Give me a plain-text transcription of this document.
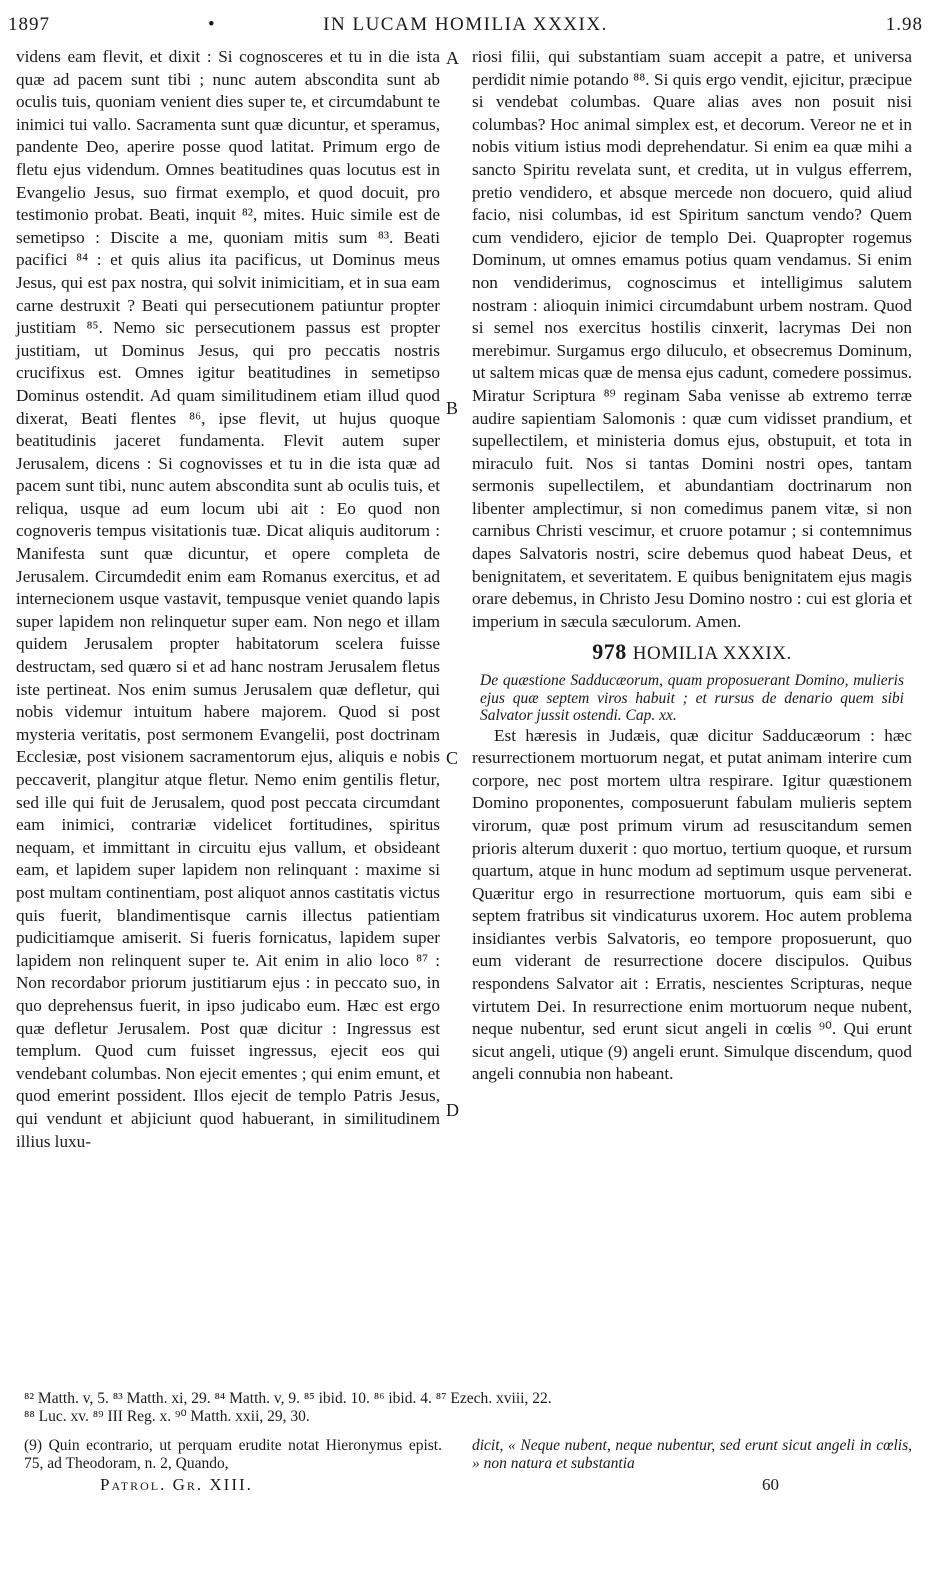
1897	•	IN LUCAM HOMILIA XXXIX.	1.98

videns eam flevit, et dixit : Si cognosceres et tu in die ista quæ ad pacem sunt tibi ; nunc autem abscondita sunt ab oculis tuis, quoniam venient dies super te, et circumdabunt te inimici tui vallo. Sacramenta sunt quæ dicuntur, et speramus, pandente Deo, aperire posse quod latitat. Primum ergo de fletu ejus videndum. Omnes beatitudines quas locutus est in Evangelio Jesus, suo firmat exemplo, et quod docuit, pro testimonio probat. Beati, inquit ⁸², mites. Huic simile est de semetipso : Discite a me, quoniam mitis sum ⁸³. Beati pacifici ⁸⁴ : et quis alius ita pacificus, ut Dominus meus Jesus, qui est pax nostra, qui solvit inimicitiam, et in sua eam carne destruxit ? Beati qui persecutionem patiuntur propter justitiam ⁸⁵. Nemo sic persecutionem passus est propter justitiam, ut Dominus Jesus, qui pro peccatis nostris crucifixus est. Omnes igitur beatitudines in semetipso Dominus ostendit. Ad quam similitudinem etiam illud quod dixerat, Beati flentes ⁸⁶, ipse flevit, ut hujus quoque beatitudinis jaceret fundamenta. Flevit autem super Jerusalem, dicens : Si cognovisses et tu in die ista quæ ad pacem sunt tibi, nunc autem abscondita sunt ab oculis tuis, et reliqua, usque ad eum locum ubi ait : Eo quod non cognoveris tempus visitationis tuæ. Dicat aliquis auditorum : Manifesta sunt quæ dicuntur, et opere completa de Jerusalem. Circumdedit enim eam Romanus exercitus, et ad internecionem usque vastavit, tempusque veniet quando lapis super lapidem non relinquetur super eam. Non nego et illam quidem Jerusalem propter habitatorum scelera fuisse destructam, sed quæro si et ad hanc nostram Jerusalem fletus iste pertineat. Nos enim sumus Jerusalem quæ defletur, qui nobis videmur intuitum habere majorem. Quod si post mysteria veritatis, post sermonem Evangelii, post doctrinam Ecclesiæ, post visionem sacramentorum ejus, aliquis e nobis peccaverit, plangitur atque fletur. Nemo enim gentilis fletur, sed ille qui fuit de Jerusalem, quod post peccata circumdant eam inimici, contrariæ videlicet fortitudines, spiritus nequam, et immittant in circuitu ejus vallum, et obsideant eam, et lapidem super lapidem non relinquant : maxime si post multam continentiam, post aliquot annos castitatis victus quis fuerit, blandimentisque carnis illectus patientiam pudicitiamque amiserit. Si fueris fornicatus, lapidem super lapidem non relinquent super te. Ait enim in alio loco ⁸⁷ : Non recordabor priorum justitiarum ejus : in peccato suo, in quo deprehensus fuerit, in ipso judicabo eum. Hæc est ergo quæ defletur Jerusalem. Post quæ dicitur : Ingressus est templum. Quod cum fuisset ingressus, ejecit eos qui vendebant columbas. Non ejecit ementes ; qui enim emunt, et quod emerint possident. Illos ejecit de templo Patris Jesus, qui vendunt et abjiciunt quod habuerant, in similitudinem illius luxu-

A
B
C
D

riosi filii, qui substantiam suam accepit a patre, et universa perdidit nimie potando ⁸⁸. Si quis ergo vendit, ejicitur, præcipue si vendebat columbas. Quare alias aves non posuit nisi columbas? Hoc animal simplex est, et decorum. Vereor ne et in nobis vitium istius modi deprehendatur. Si enim ea quæ mihi a sancto Spiritu revelata sunt, et credita, ut in vulgus efferrem, pretio vendidero, et absque mercede non docuero, quid aliud facio, nisi columbas, id est Spiritum sanctum vendo? Quem cum vendidero, ejicior de templo Dei. Quapropter rogemus Dominum, ut omnes emamus potius quam vendamus. Si enim non vendiderimus, cognoscimus et intelligimus salutem nostram : alioquin inimici circumdabunt urbem nostram. Quod si semel nos exercitus hostilis cinxerit, lacrymas Dei non merebimur. Surgamus ergo diluculo, et obsecremus Dominum, ut saltem micas quæ de mensa ejus cadunt, comedere possimus. Miratur Scriptura ⁸⁹ reginam Saba venisse ab extremo terræ audire sapientiam Salomonis : quæ cum vidisset prandium, et supellectilem, et ministeria domus ejus, obstupuit, et tota in miraculo fuit. Nos si tantas Domini nostri opes, tantam sermonis supellectilem, et abundantiam doctrinarum non libenter amplectimur, si non comedimus panem vitæ, si non carnibus Christi vescimur, et cruore potamur ; si contemnimus dapes Salvatoris nostri, scire debemus quod habeat Deus, et benignitatem, et severitatem. E quibus benignitatem ejus magis orare debemus, in Christo Jesu Domino nostro : cui est gloria et imperium in sæcula sæculorum. Amen.

978 HOMILIA XXXIX.

De quæstione Sadducæorum, quam proposuerant Domino, mulieris ejus quæ septem viros habuit ; et rursus de denario quem sibi Salvator jussit ostendi. Cap. xx.

Est hæresis in Judæis, quæ dicitur Sadducæorum : hæc resurrectionem mortuorum negat, et putat animam interire cum corpore, nec post mortem ultra respirare. Igitur quæstionem Domino proponentes, composuerunt fabulam mulieris septem virorum, quæ post primum virum ad resuscitandum semen prioris alterum duxerit : quo mortuo, tertium quoque, et rursum quartum, atque in hunc modum ad septimum usque pervenerat. Quæritur ergo in resurrectione mortuorum, quis eam sibi e septem fratribus sit vindicaturus uxorem. Hoc autem problema insidiantes verbis Salvatoris, eo tempore proposuerunt, quo eum viderant de resurrectione docere discipulos. Quibus respondens Salvator ait : Erratis, nescientes Scripturas, neque virtutem Dei. In resurrectione enim mortuorum neque nubent, neque nubentur, sed erunt sicut angeli in cœlis ⁹⁰. Qui erunt sicut angeli, utique (9) angeli erunt. Simulque discendum, quod angeli connubia non habeant.

⁸² Matth. v, 5. ⁸³ Matth. xi, 29. ⁸⁴ Matth. v, 9. ⁸⁵ ibid. 10. ⁸⁶ ibid. 4. ⁸⁷ Ezech. xviii, 22.
⁸⁸ Luc. xv. ⁸⁹ III Reg. x. ⁹⁰ Matth. xxii, 29, 30.
(9) Quin econtrario, ut perquam erudite notat Hieronymus epist. 75, ad Theodoram, n. 2, Quando,
dicit, « Neque nubent, neque nubentur, sed erunt sicut angeli in cœlis, » non natura et substantia
Patrol. Gr. XIII.	60
